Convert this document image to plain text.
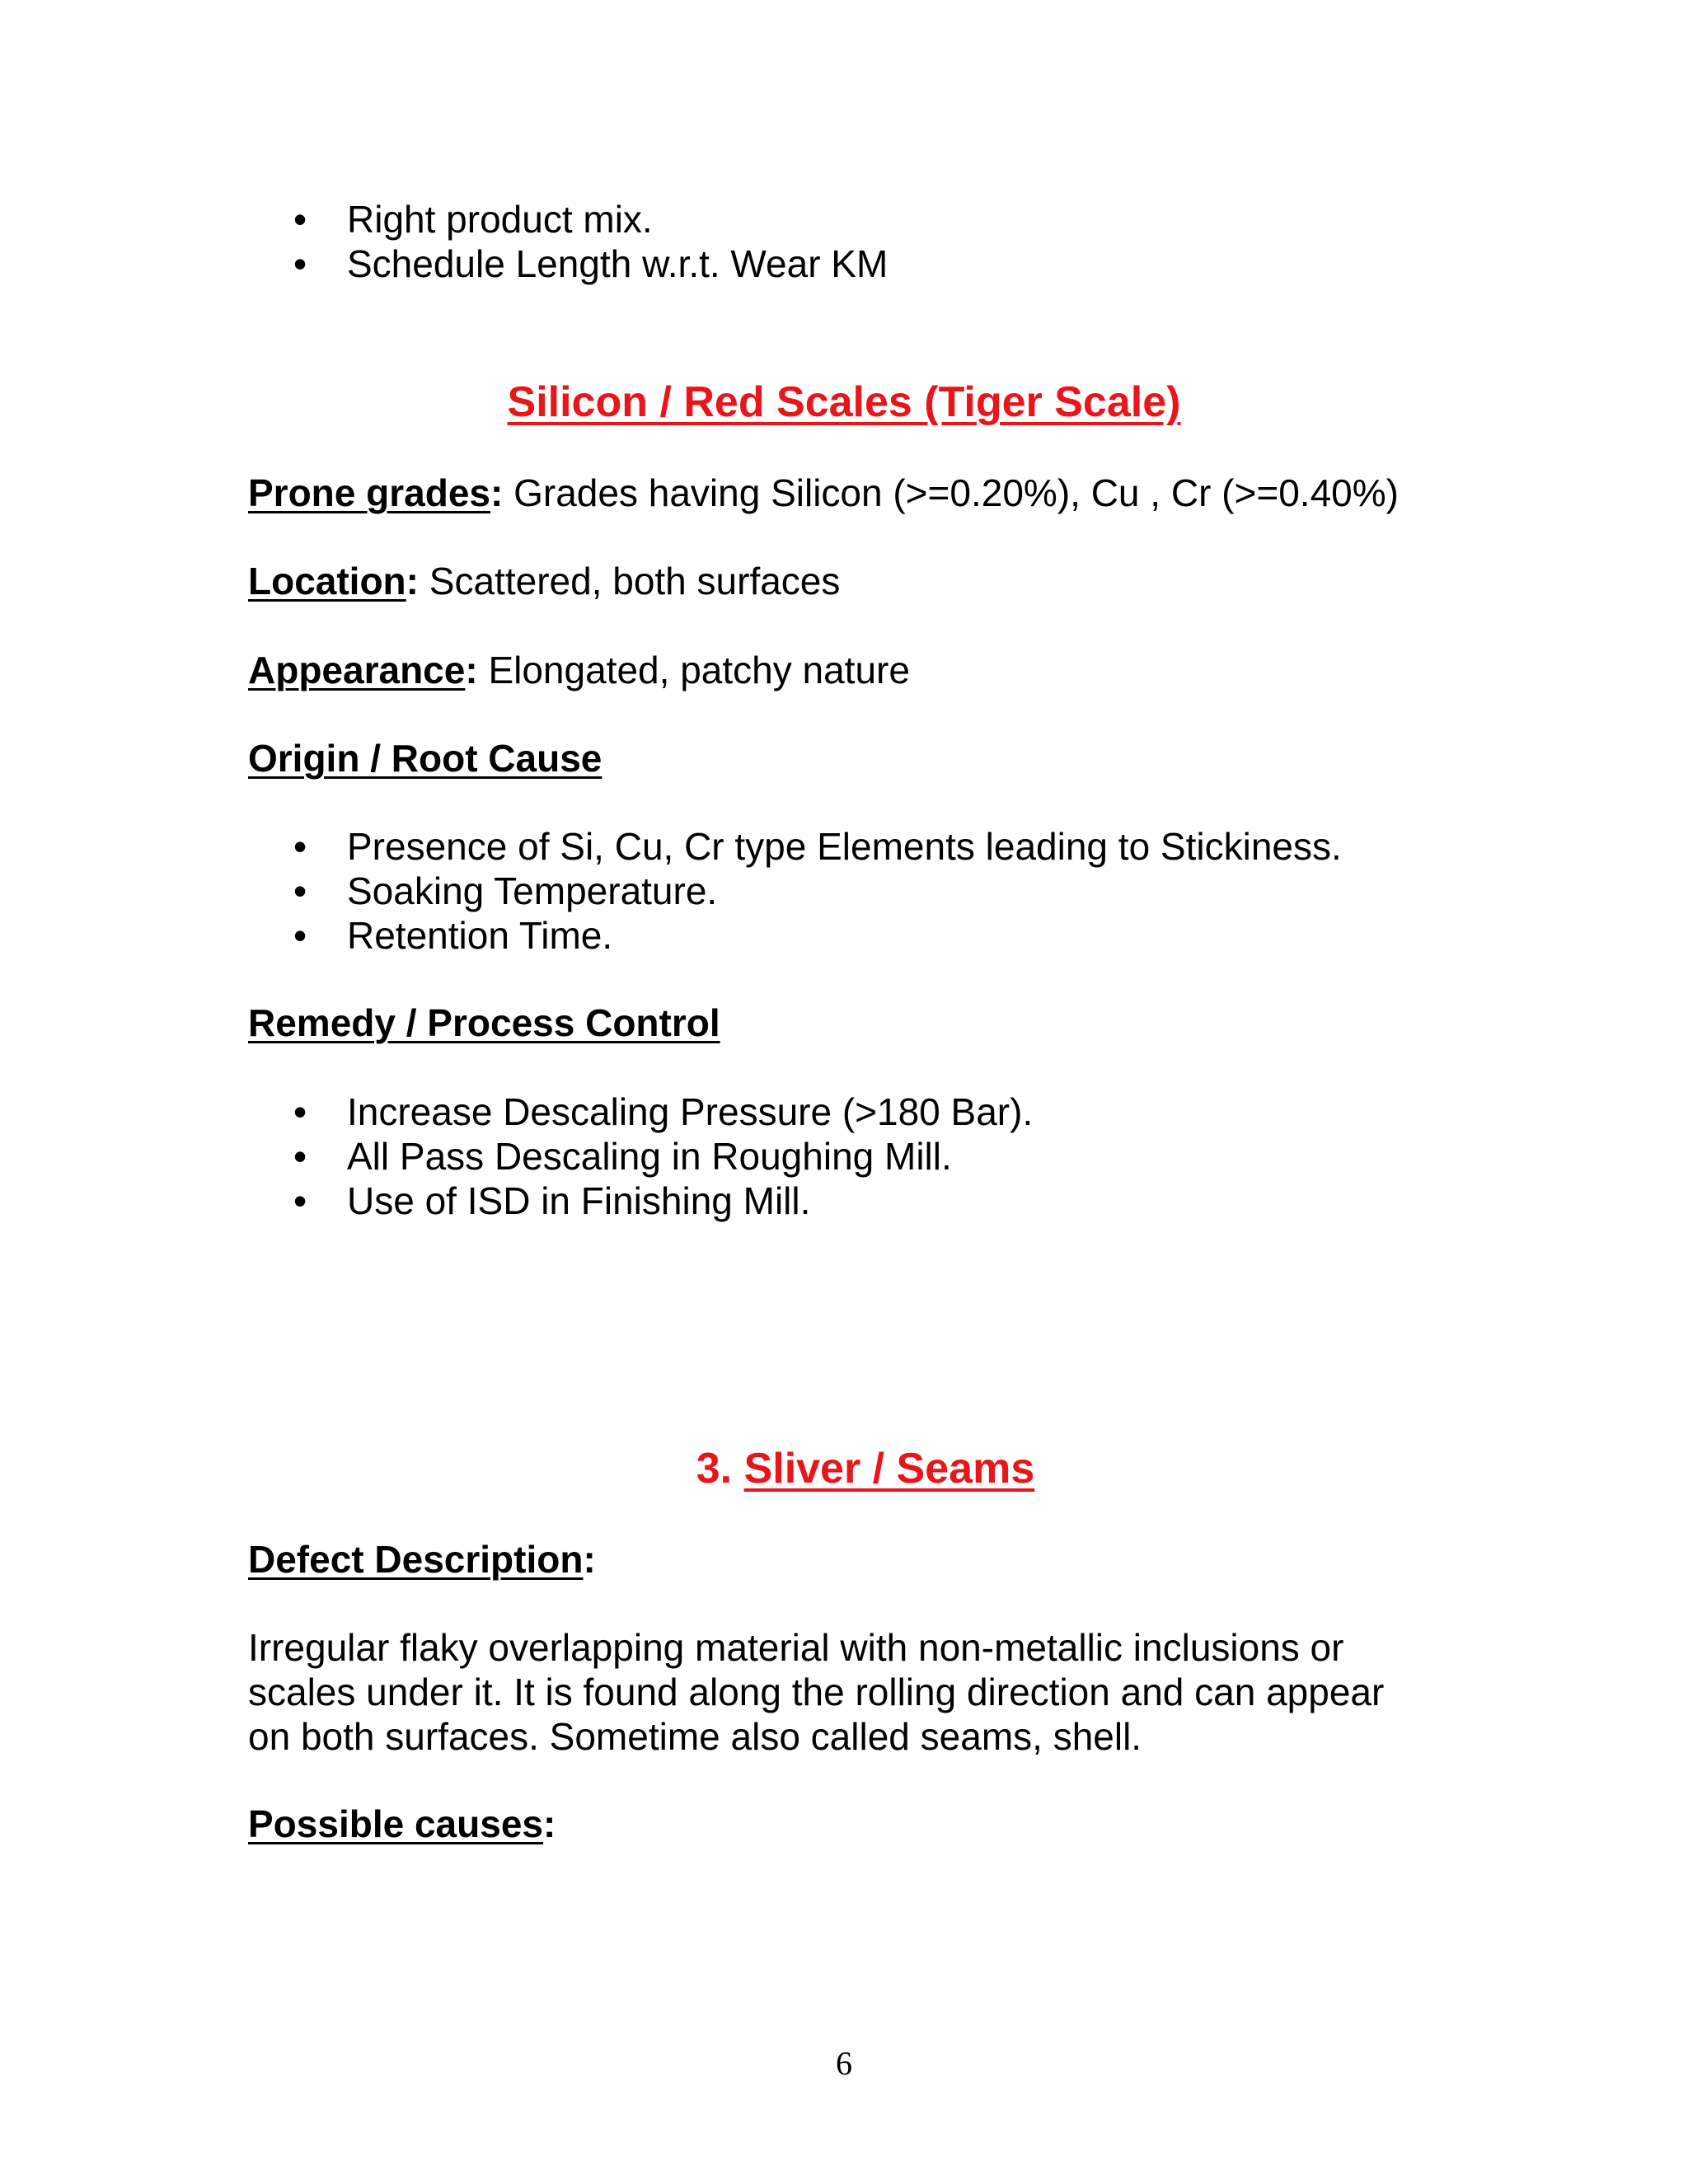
• Right product mix.
• Schedule Length w.r.t. Wear KM
Silicon / Red Scales (Tiger Scale)
Prone grades: Grades having Silicon (>=0.20%), Cu , Cr (>=0.40%)
Location: Scattered, both surfaces
Appearance: Elongated, patchy nature
Origin / Root Cause
• Presence of Si, Cu, Cr type Elements leading to Stickiness.
• Soaking Temperature.
• Retention Time.
Remedy / Process Control
• Increase Descaling Pressure (>180 Bar).
• All Pass Descaling in Roughing Mill.
• Use of ISD in Finishing Mill.
3. Sliver / Seams
Defect Description:
Irregular flaky overlapping material with non-metallic inclusions or
scales under it. It is found along the rolling direction and can appear
on both surfaces. Sometime also called seams, shell.
Possible causes:
6
